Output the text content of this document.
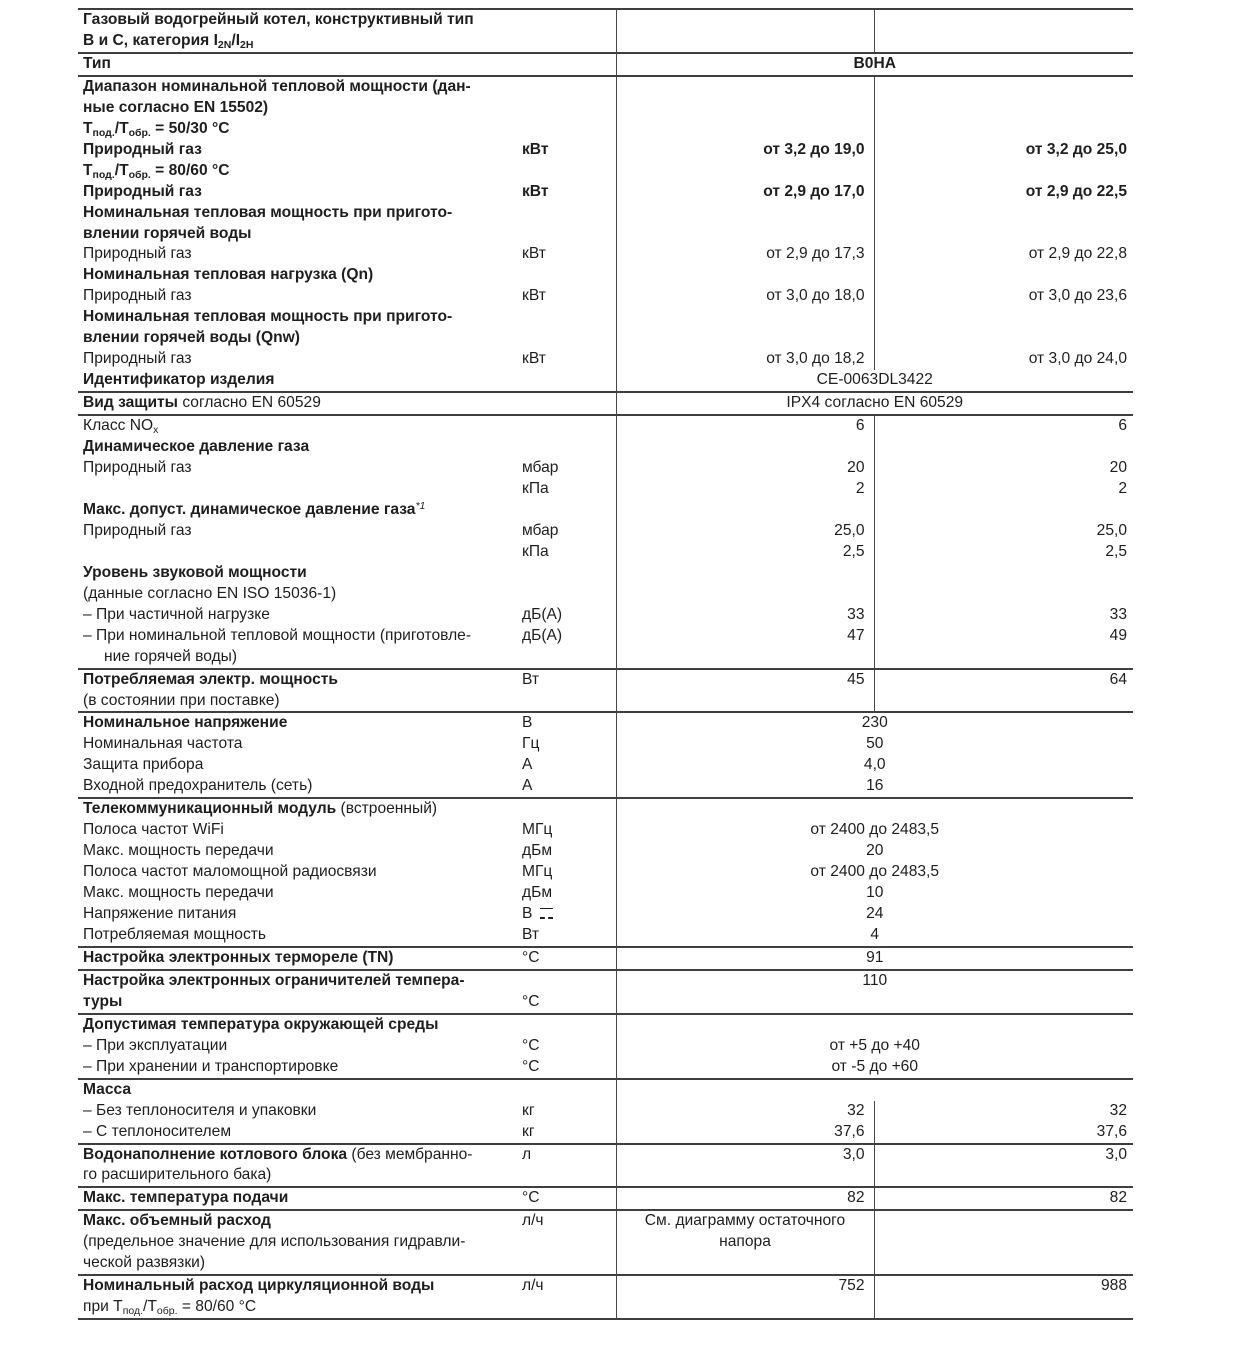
Газовый водогрейный котел, конструктивный тип			
В и С, категория $I_{2N}/I_{2H}$			
Тип		B0HA	
Диапазон номинальной тепловой мощности (дан-			
ные согласно EN 15502)			
$Т_{под.}/Т_{обр.} = 50/30$ °C			
Природный газ	кВт	от 3,2 до 19,0	от 3,2 до 25,0
$Т_{под.}/Т_{обр.} = 80/60$ °C			
Природный газ	кВт	от 2,9 до 17,0	от 2,9 до 22,5
Номинальная тепловая мощность при пригото-			
влении горячей воды			
Природный газ	кВт	от 2,9 до 17,3	от 2,9 до 22,8
Номинальная тепловая нагрузка (Qn)			
Природный газ	кВт	от 3,0 до 18,0	от 3,0 до 23,6
Номинальная тепловая мощность при пригото-			
влении горячей воды (Qnw)			
Природный газ	кВт	от 3,0 до 18,2	от 3,0 до 24,0
Идентификатор изделия		CE-0063DL3422	
Вид защиты согласно EN 60529		IPX4 согласно EN 60529	
Класс $NO_x$		6	6
Динамическое давление газа			
Природный газ	мбар	20	20
	кПа	2	2
Макс. допуст. динамическое давление газа$^{*1}$			
Природный газ	мбар	25,0	25,0
	кПа	2,5	2,5
Уровень звуковой мощности			
(данные согласно EN ISO 15036-1)			
– При частичной нагрузке	дБ(А)	33	33
– При номинальной тепловой мощности (приготовле-	дБ(А)	47	49
ние горячей воды)			
Потребляемая электр. мощность	Вт	45	64
(в состоянии при поставке)			
Номинальное напряжение	В	230	
Номинальная частота	Гц	50	
Защита прибора	А	4,0	
Входной предохранитель (сеть)	А	16	
Телекоммуникационный модуль (встроенный)			
Полоса частот WiFi	МГц	от 2400 до 2483,5	
Макс. мощность передачи	дБм	20	
Полоса частот маломощной радиосвязи	МГц	от 2400 до 2483,5	
Макс. мощность передачи	дБм	10	
Напряжение питания	В	24	
Потребляемая мощность	Вт	4	
Настройка электронных термореле (TN)	°C	91	
Настройка электронных ограничителей темпера-		110	
туры	°C		
Допустимая температура окружающей среды			
– При эксплуатации	°C	от +5 до +40	
– При хранении и транспортировке	°C	от -5 до +60	
Масса			
– Без теплоносителя и упаковки	кг	32	32
– С теплоносителем	кг	37,6	37,6
Водонаполнение котлового блока (без мембранно-	л	3,0	3,0
го расширительного бака)			
Макс. температура подачи	°C	82	82
Макс. объемный расход	л/ч	См. диаграмму остаточного	
(предельное значение для использования гидравли-		напора	
ческой развязки)			
Номинальный расход циркуляционной воды	л/ч	752	988
при $Т_{под.}/Т_{обр.} = 80/60$ °C			
